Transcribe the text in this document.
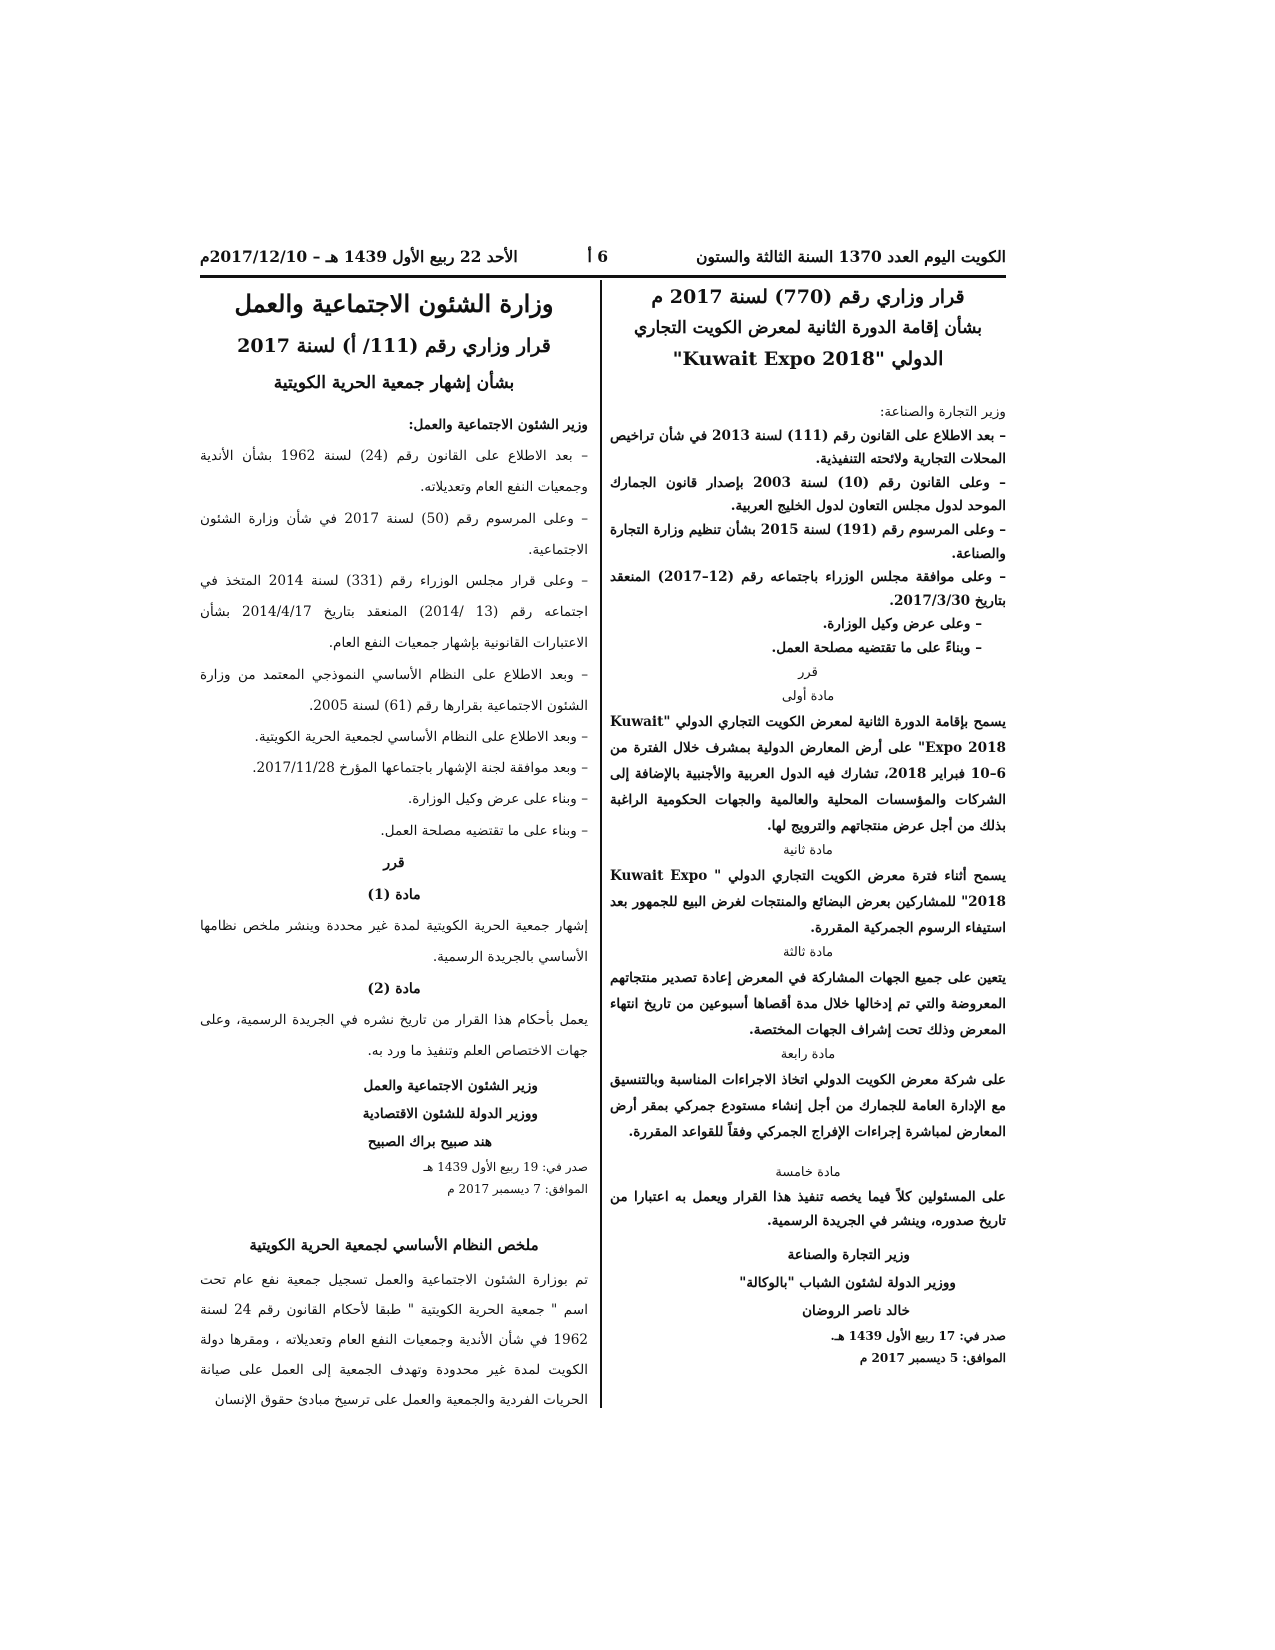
الكويت اليوم العدد 1370 السنة الثالثة والستون
6 أ
الأحد 22 ربيع الأول 1439 هـ – 2017/12/10م
قرار وزاري رقم (770) لسنة 2017 م
بشأن إقامة الدورة الثانية لمعرض الكويت التجاري
الدولي "Kuwait Expo 2018"

وزير التجارة والصناعة:

– بعد الاطلاع على القانون رقم (111) لسنة 2013 في شأن تراخيص المحلات التجارية ولائحته التنفيذية.

– وعلى القانون رقم (10) لسنة 2003 بإصدار قانون الجمارك الموحد لدول مجلس التعاون لدول الخليج العربية.

– وعلى المرسوم رقم (191) لسنة 2015 بشأن تنظيم وزارة التجارة والصناعة.

– وعلى موافقة مجلس الوزراء باجتماعه رقم (12–2017) المنعقد بتاريخ 2017/3/30.

– وعلى عرض وكيل الوزارة.

– وبناءً على ما تقتضيه مصلحة العمل.

قرر
مادة أولى

يسمح بإقامة الدورة الثانية لمعرض الكويت التجاري الدولي "Kuwait Expo 2018" على أرض المعارض الدولية بمشرف خلال الفترة من 6–10 فبراير 2018، تشارك فيه الدول العربية والأجنبية بالإضافة إلى الشركات والمؤسسات المحلية والعالمية والجهات الحكومية الراغبة بذلك من أجل عرض منتجاتهم والترويج لها.

مادة ثانية

يسمح أثناء فترة معرض الكويت التجاري الدولي " Kuwait Expo 2018" للمشاركين بعرض البضائع والمنتجات لغرض البيع للجمهور بعد استيفاء الرسوم الجمركية المقررة.

مادة ثالثة

يتعين على جميع الجهات المشاركة في المعرض إعادة تصدير منتجاتهم المعروضة والتي تم إدخالها خلال مدة أقصاها أسبوعين من تاريخ انتهاء المعرض وذلك تحت إشراف الجهات المختصة.

مادة رابعة

على شركة معرض الكويت الدولي اتخاذ الاجراءات المناسبة وبالتنسيق مع الإدارة العامة للجمارك من أجل إنشاء مستودع جمركي بمقر أرض المعارض لمباشرة إجراءات الإفراج الجمركي وفقاً للقواعد المقررة.

مادة خامسة

على المسئولين كلاً فيما يخصه تنفيذ هذا القرار ويعمل به اعتبارا من تاريخ صدوره، وينشر في الجريدة الرسمية.

وزير التجارة والصناعة
ووزير الدولة لشئون الشباب "بالوكالة"
خالد ناصر الروضان
صدر في: 17 ربيع الأول 1439 هـ.
الموافق: 5 ديسمبر 2017 م
وزارة الشئون الاجتماعية والعمل
قرار وزاري رقم (111/ أ) لسنة 2017
بشأن إشهار جمعية الحرية الكويتية

وزير الشئون الاجتماعية والعمل:

– بعد الاطلاع على القانون رقم (24) لسنة 1962 بشأن الأندية وجمعيات النفع العام وتعديلاته.

– وعلى المرسوم رقم (50) لسنة 2017 في شأن وزارة الشئون الاجتماعية.

– وعلى قرار مجلس الوزراء رقم (331) لسنة 2014 المتخذ في اجتماعه رقم (13 /2014) المنعقد بتاريخ 2014/4/17 بشأن الاعتبارات القانونية بإشهار جمعيات النفع العام.

– وبعد الاطلاع على النظام الأساسي النموذجي المعتمد من وزارة الشئون الاجتماعية بقرارها رقم (61) لسنة 2005.

– وبعد الاطلاع على النظام الأساسي لجمعية الحرية الكويتية.

– وبعد موافقة لجنة الإشهار باجتماعها المؤرخ 2017/11/28.

– وبناء على عرض وكيل الوزارة.

– وبناء على ما تقتضيه مصلحة العمل.

قرر
مادة (1)

إشهار جمعية الحرية الكويتية لمدة غير محددة وينشر ملخص نظامها الأساسي بالجريدة الرسمية.

مادة (2)

يعمل بأحكام هذا القرار من تاريخ نشره في الجريدة الرسمية، وعلى جهات الاختصاص العلم وتنفيذ ما ورد به.

وزير الشئون الاجتماعية والعمل
ووزير الدولة للشئون الاقتصادية
هند صبيح براك الصبيح
صدر في: 19 ربيع الأول 1439 هـ
الموافق: 7 ديسمبر 2017 م
ملخص النظام الأساسي لجمعية الحرية الكويتية

تم بوزارة الشئون الاجتماعية والعمل تسجيل جمعية نفع عام تحت اسم " جمعية الحرية الكويتية " طبقا لأحكام القانون رقم 24 لسنة 1962 في شأن الأندية وجمعيات النفع العام وتعديلاته ، ومقرها دولة الكويت لمدة غير محدودة وتهدف الجمعية إلى العمل على صيانة الحريات الفردية والجمعية والعمل على ترسيخ مبادئ حقوق الإنسان
